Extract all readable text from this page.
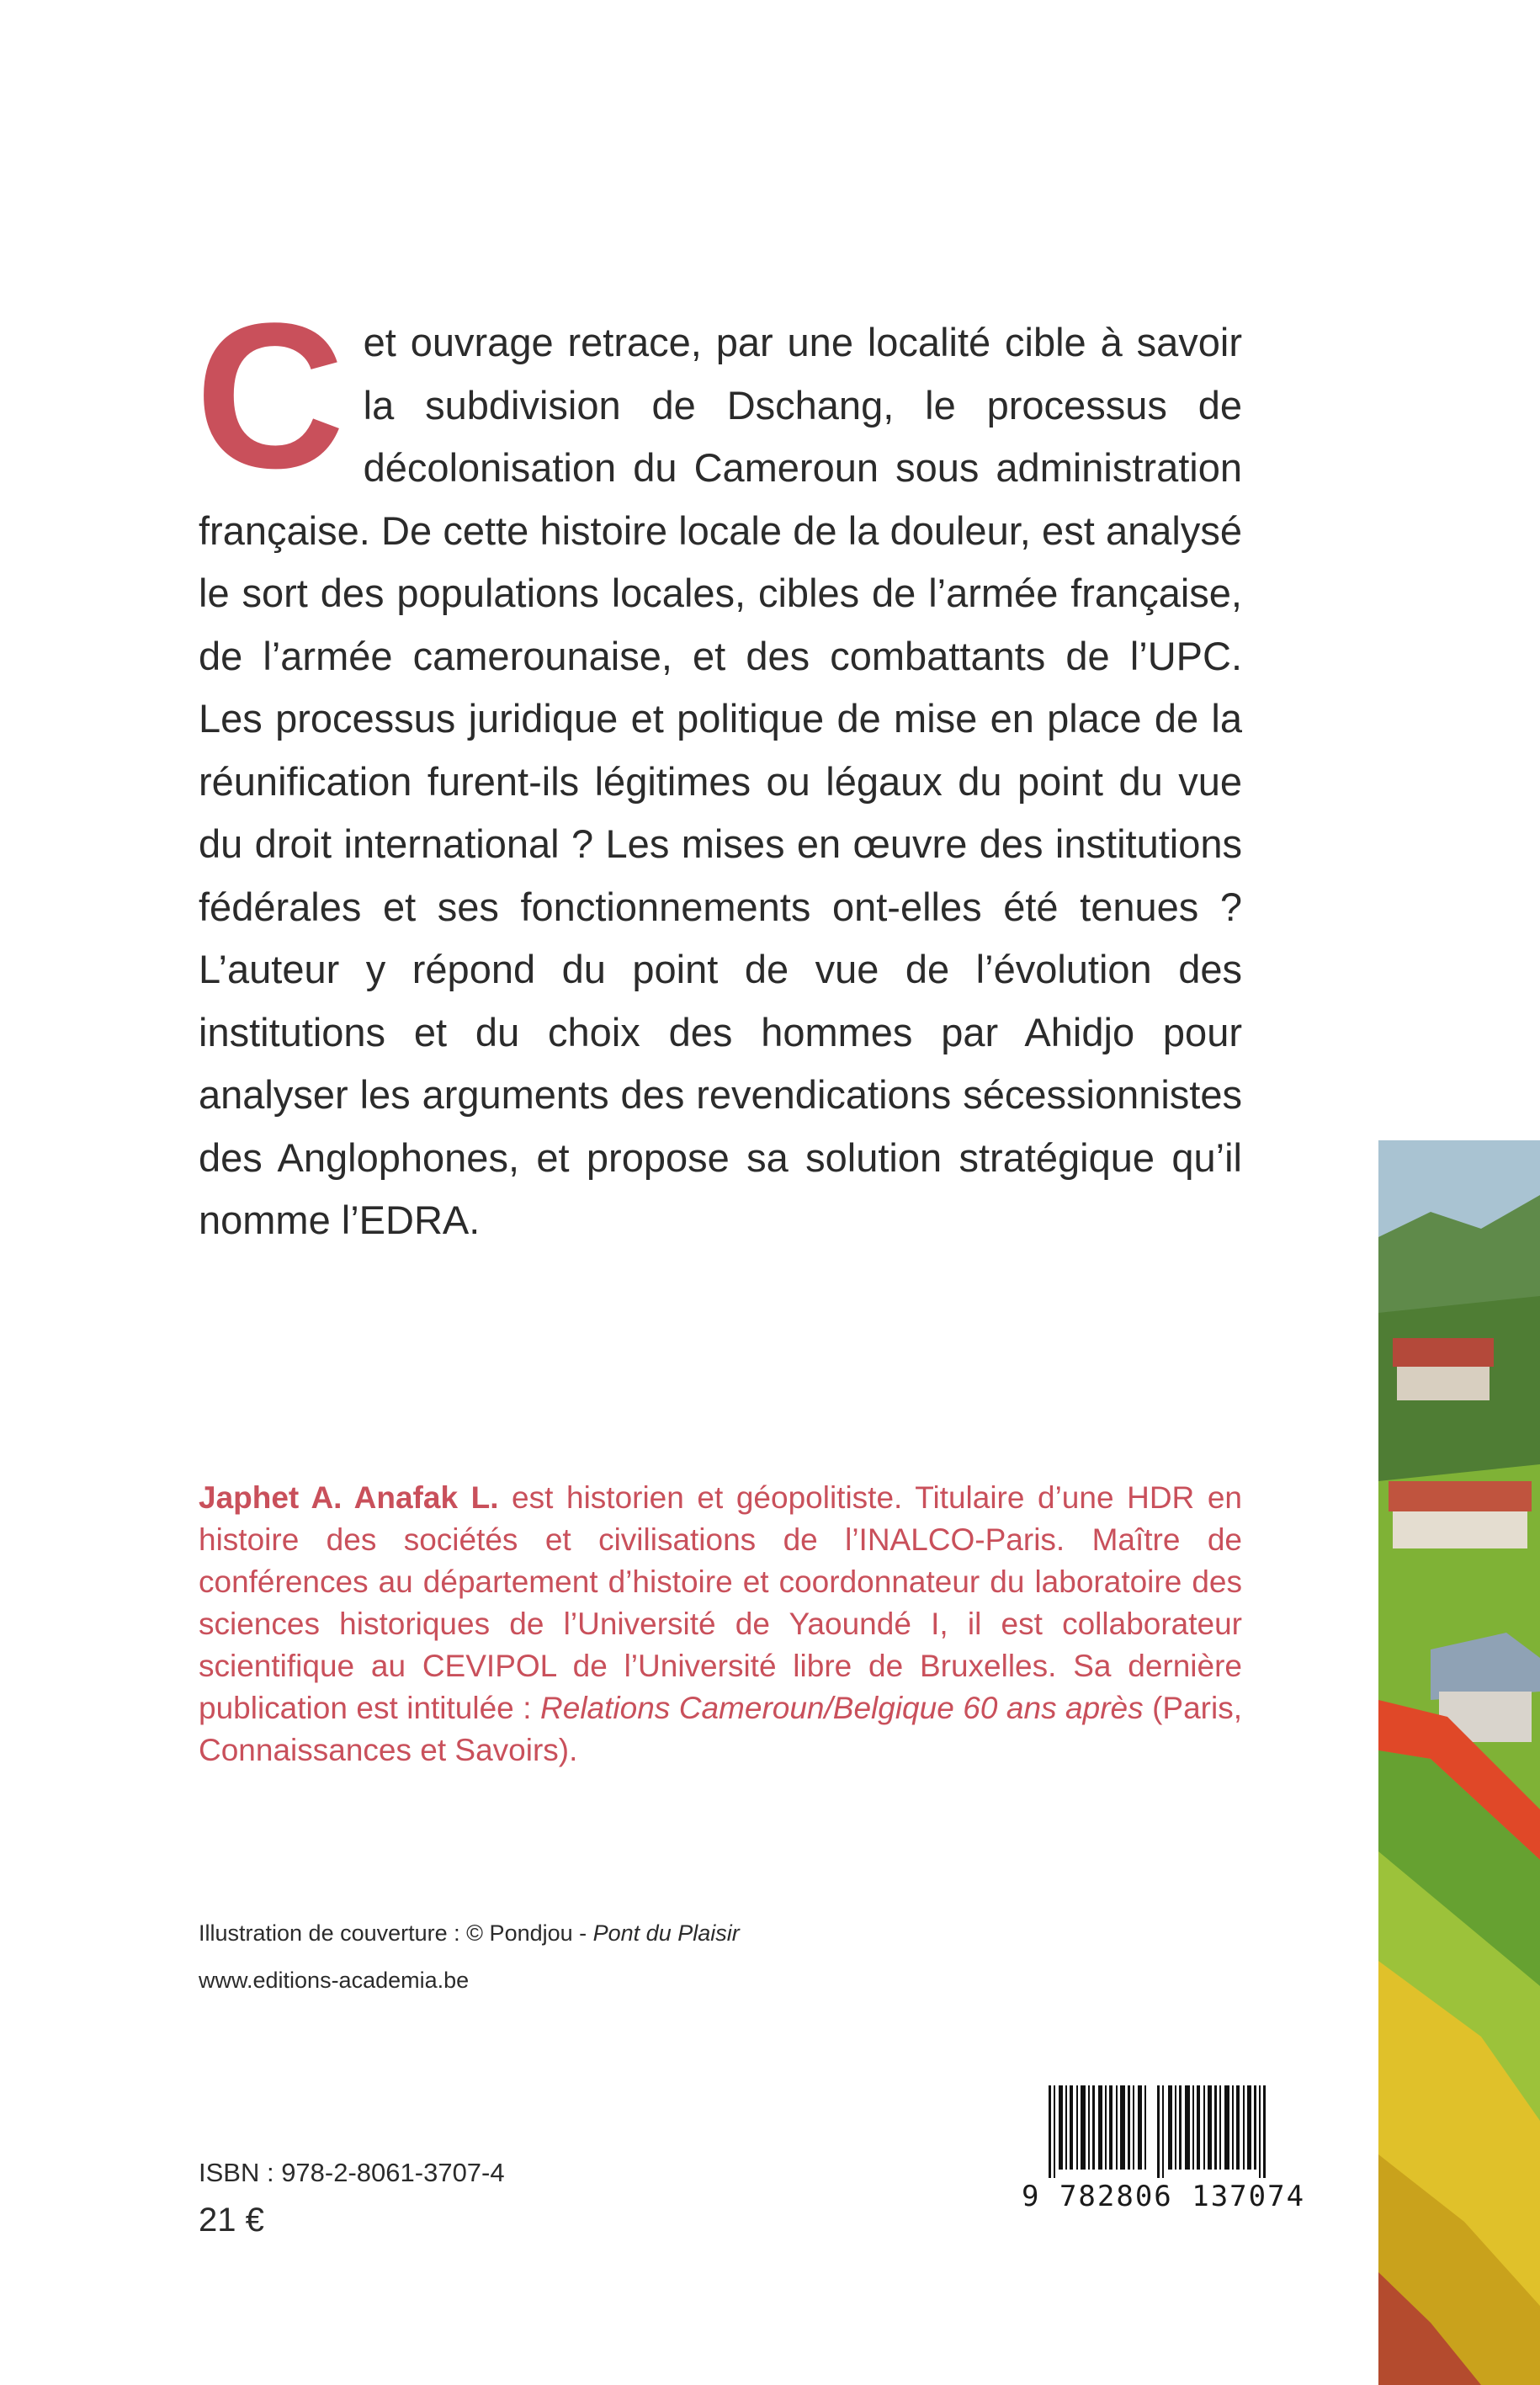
C et ouvrage retrace, par une localité cible à savoir la subdivision de Dschang, le processus de décolonisation du Cameroun sous administration française. De cette histoire locale de la douleur, est analysé le sort des populations locales, cibles de l’armée française, de l’armée camerounaise, et des combattants de l’UPC. Les processus juridique et politique de mise en place de la réunification furent-ils légitimes ou légaux du point du vue du droit international ? Les mises en œuvre des institutions fédérales et ses fonctionnements ont-elles été tenues ? L’auteur y répond du point de vue de l’évolution des institutions et du choix des hommes par Ahidjo pour analyser les arguments des revendications sécessionnistes des Anglophones, et propose sa solution stratégique qu’il nomme l’EDRA.
Japhet A. Anafak L. est historien et géopolitiste. Titulaire d’une HDR en histoire des sociétés et civilisations de l’INALCO-Paris. Maître de conférences au département d’histoire et coordonnateur du laboratoire des sciences historiques de l’Université de Yaoundé I, il est collaborateur scientifique au CEVIPOL de l’Université libre de Bruxelles. Sa dernière publication est intitulée : Relations Cameroun/Belgique 60 ans après (Paris, Connaissances et Savoirs).
Illustration de couverture : © Pondjou - Pont du Plaisir
www.editions-academia.be
ISBN : 978-2-8061-3707-4
21 €
9 782806 137074
